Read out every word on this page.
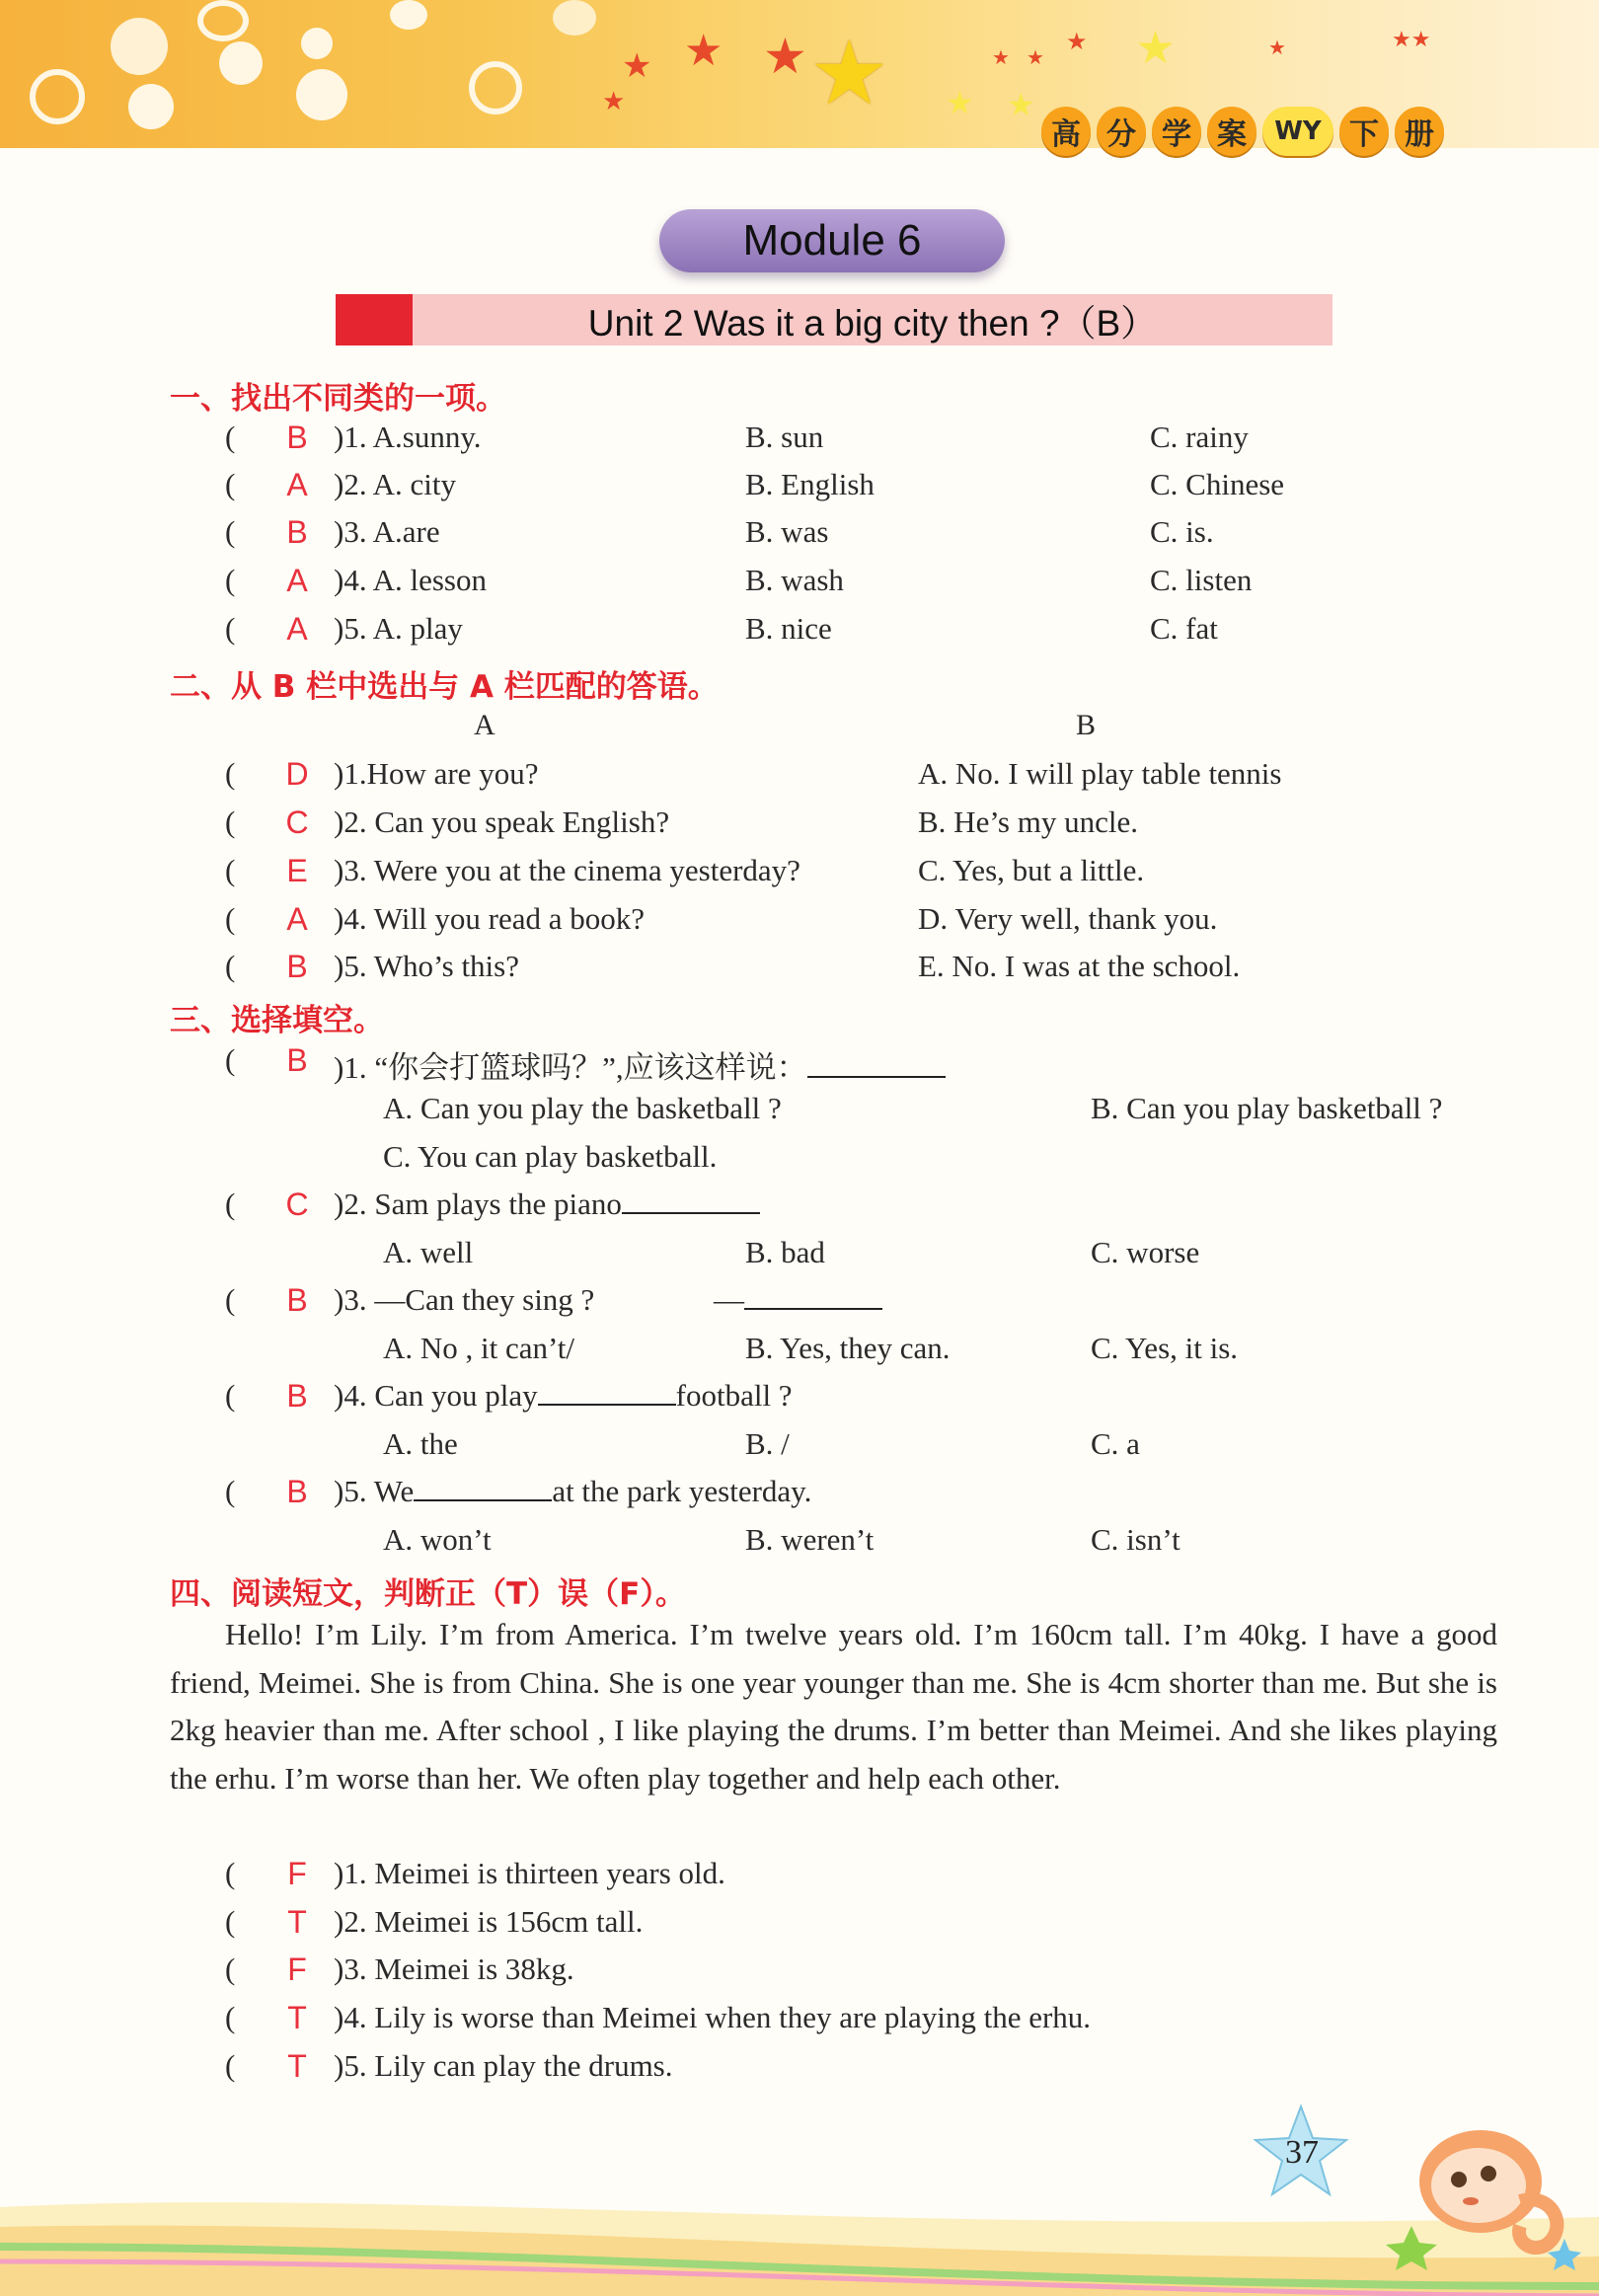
★ ★ ★
★ ★ ★ ★
★ ★
★ ★	★	★★
高 分 学 案	WY 下 册
Module 6
Unit 2 Was it a big city then ?（B）
一、找出不同类的一项。
( B )1. A.sunny.	B. sun	C. rainy
( A )2. A. city	B. English	C. Chinese
( B )3. A.are	B. was	C. is.
( A )4. A. lesson	B. wash	C. listen
( A )5. A. play	B. nice	C. fat
二、从 B 栏中选出与 A 栏匹配的答语。
A	B
( D )1.How are you?	A. No. I will play table tennis
( C )2. Can you speak English?	B. He’s my uncle.
( E )3. Were you at the cinema yesterday?	C. Yes, but a little.
( A )4. Will you read a book?	D. Very well, thank you.
( B )5. Who’s this?	E. No. I was at the school.
三、选择填空。
( B )1. “你会打篮球吗？”,应该这样说：
A. Can you play the basketball ?	B. Can you play basketball ?
C. You can play basketball.
( C )2. Sam plays the piano
A. well	B. bad	C. worse
( B )3. —Can they sing ?	—
A. No , it can’t/	B. Yes, they can.	C. Yes, it is.
( B )4. Can you play	football ?
A. the	B. /	C. a
( B )5. We	at the park yesterday.
A. won’t	B. weren’t	C. isn’t
四、阅读短文，判断正（T）误（F）。
Hello! I’m Lily. I’m from America. I’m twelve years old. I’m 160cm tall. I’m 40kg. I have a good friend, Meimei. She is from China. She is one year younger than me. She is 4cm shorter than me. But she is 2kg heavier than me. After school , I like playing the drums. I’m better than Meimei. And she likes playing the erhu. I’m worse than her. We often play together and help each other.
(	F )1. Meimei is thirteen years old.
(	T )2. Meimei is 156cm tall.
(	F )3. Meimei is 38kg.
(	T )4. Lily is worse than Meimei when they are playing the erhu.
(	T )5. Lily can play the drums.
37
